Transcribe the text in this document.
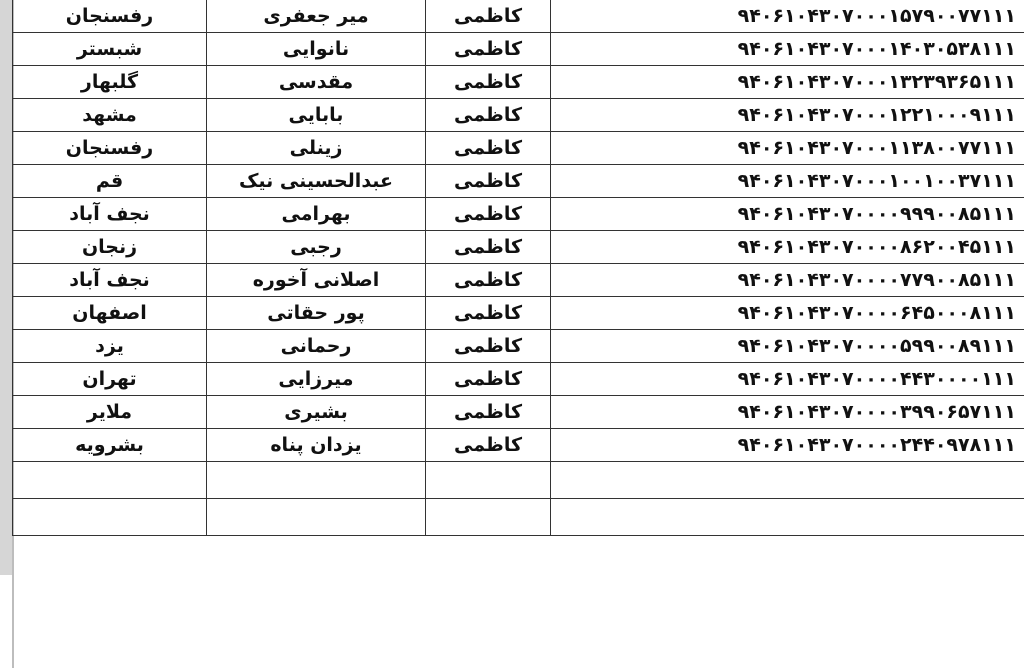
رفسنجان	میر جعفری	کاظمی	۹۴۰۶۱۰۴۳۰۷۰۰۰۱۵۷۹۰۰۷۷۱۱۱
شبستر	نانوایی	کاظمی	۹۴۰۶۱۰۴۳۰۷۰۰۰۱۴۰۳۰۵۳۸۱۱۱
گلبهار	مقدسی	کاظمی	۹۴۰۶۱۰۴۳۰۷۰۰۰۱۳۲۳۹۳۶۵۱۱۱
مشهد	بابایی	کاظمی	۹۴۰۶۱۰۴۳۰۷۰۰۰۱۲۲۱۰۰۰۹۱۱۱
رفسنجان	زینلی	کاظمی	۹۴۰۶۱۰۴۳۰۷۰۰۰۱۱۳۸۰۰۷۷۱۱۱
قم	عبدالحسینی نیک	کاظمی	۹۴۰۶۱۰۴۳۰۷۰۰۰۱۰۰۱۰۰۳۷۱۱۱
نجف آباد	بهرامی	کاظمی	۹۴۰۶۱۰۴۳۰۷۰۰۰۰۹۹۹۰۰۸۵۱۱۱
زنجان	رجبی	کاظمی	۹۴۰۶۱۰۴۳۰۷۰۰۰۰۸۶۲۰۰۴۵۱۱۱
نجف آباد	اصلانی آخوره	کاظمی	۹۴۰۶۱۰۴۳۰۷۰۰۰۰۷۷۹۰۰۸۵۱۱۱
اصفهان	پور حقاتی	کاظمی	۹۴۰۶۱۰۴۳۰۷۰۰۰۰۶۴۵۰۰۰۸۱۱۱
یزد	رحمانی	کاظمی	۹۴۰۶۱۰۴۳۰۷۰۰۰۰۵۹۹۰۰۸۹۱۱۱
تهران	میرزایی	کاظمی	۹۴۰۶۱۰۴۳۰۷۰۰۰۰۴۴۳۰۰۰۰۱۱۱
ملایر	بشیری	کاظمی	۹۴۰۶۱۰۴۳۰۷۰۰۰۰۳۹۹۰۶۵۷۱۱۱
بشرویه	یزدان پناه	کاظمی	۹۴۰۶۱۰۴۳۰۷۰۰۰۰۲۴۴۰۹۷۸۱۱۱
